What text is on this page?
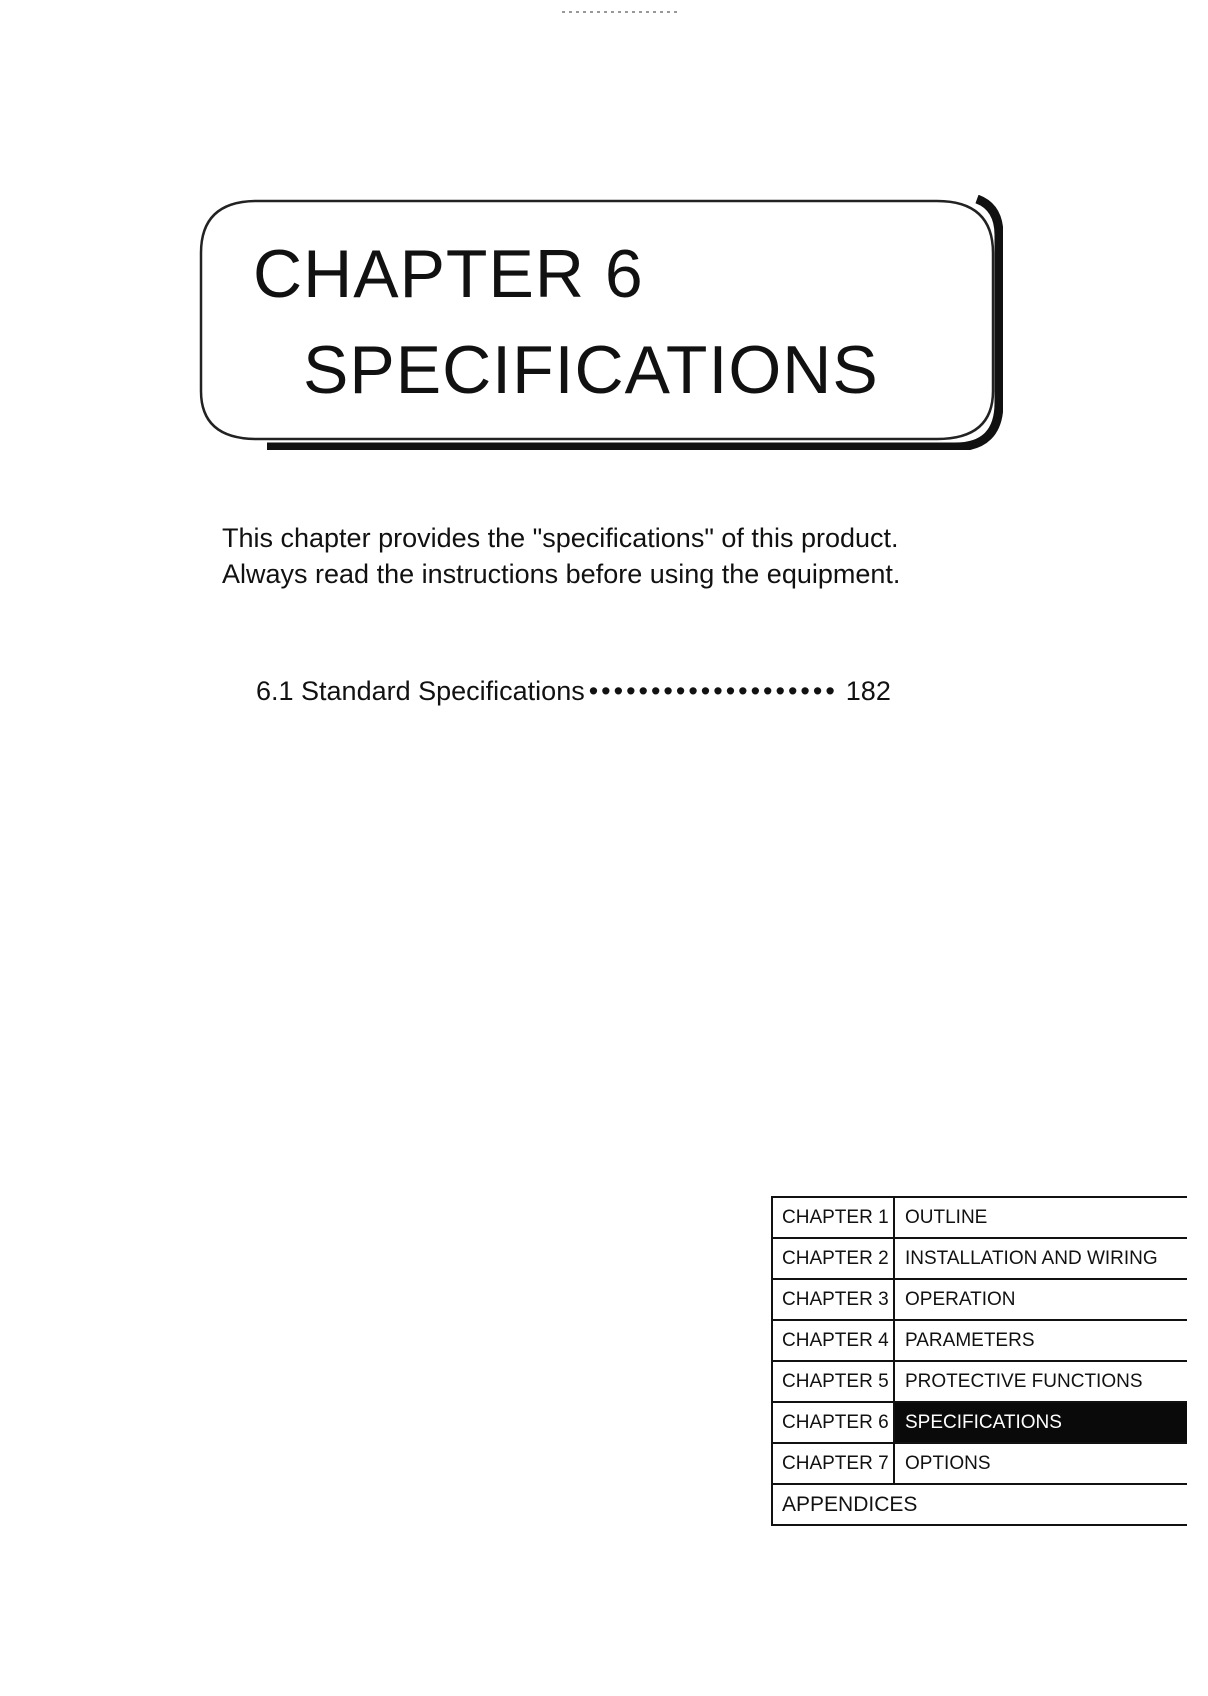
CHAPTER 6
SPECIFICATIONS

This chapter provides the "specifications" of this product.

Always read the instructions before using the equipment.

6.1 Standard Specifications •••••••••••••••••••• 182
CHAPTER 1 OUTLINE
CHAPTER 2 INSTALLATION AND WIRING
CHAPTER 3 OPERATION
CHAPTER 4 PARAMETERS
CHAPTER 5 PROTECTIVE FUNCTIONS
CHAPTER 6 SPECIFICATIONS
CHAPTER 7 OPTIONS
APPENDICES
